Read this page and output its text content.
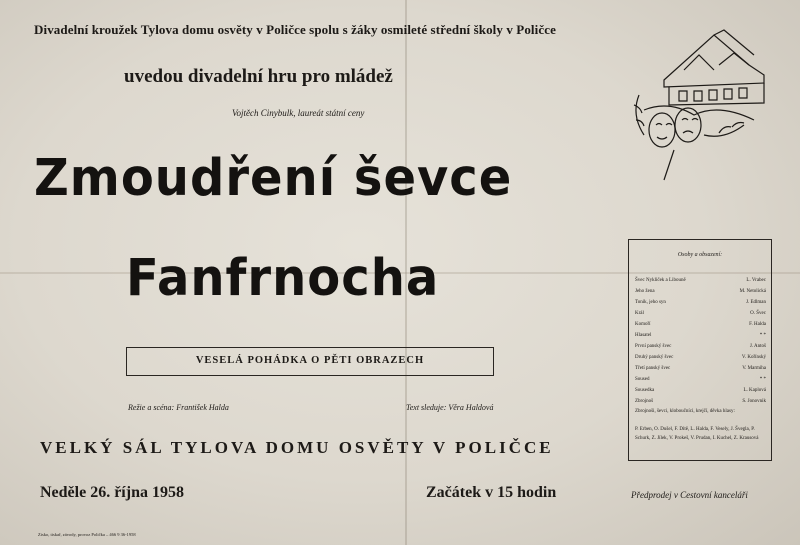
Divadelní kroužek Tylova domu osvěty v Poličce spolu s žáky osmileté střední školy v Poličce
uvedou divadelní hru pro mládež
Vojtěch Cinybulk, laureát státní ceny
Zmoudření ševce
Fanfrnocha
VESELÁ POHÁDKA O PĚTI OBRAZECH
Režie a scéna: František Halda	Text sleduje: Věra Haldová
VELKÝ SÁL TYLOVA DOMU OSVĚTY V POLIČCE
Neděle 26. října 1958	Začátek v 15 hodin	Předprodej v Cestovní kanceláři
Zisko, tiskař, závody, provoz Polička – 466 9 36-1958
Osoby a obsazení:
Švec Nykliček a Libouně	L. Vrabec
Jeho žena	M. Netolická
Tonik, jeho syn	J. Edlman
Král	O. Švec
Komoří	F. Halda
Hlasatel	* *
První panský švec	J. Antoš
Druhý panský švec	V. Kořínský
Třetí panský švec	V. Marmiha
Soused	* *
Sousedka	L. Kaplová
Zbrojnoš	S. Jonovnik
Zbrojnoši, ševci, kloboučníci, krejčí, děvka hlasy:
P. Erben, O. Dušel, F. Dítě, L. Halda, F. Vesely, J. Švegla, P. Schurk, Z. Jílek, V. Prokeš, V. Prudan, I. Kuchel, Z. Krausová
